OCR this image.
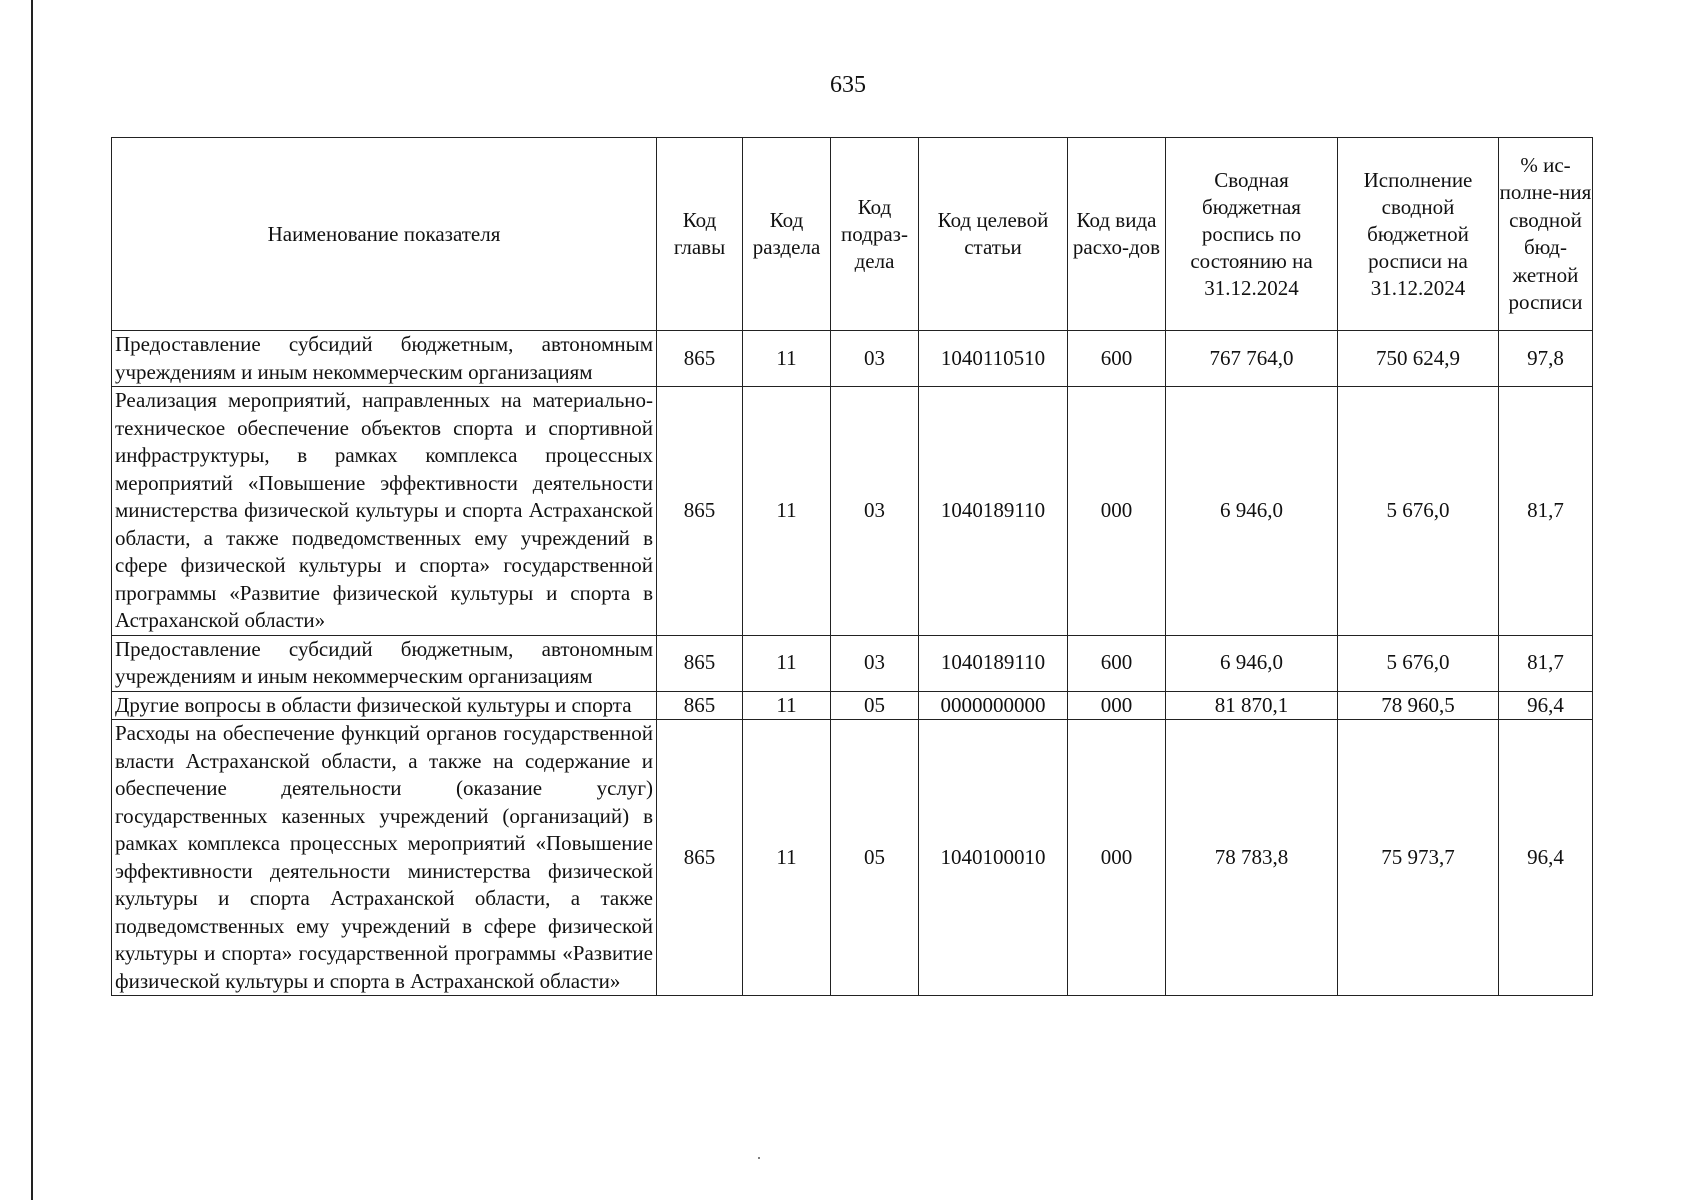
635
Наименование показателя	Код главы	Код раздела	Код подраз-дела	Код целевой статьи	Код вида расхо-дов	Сводная бюджетная роспись по состоянию на 31.12.2024	Исполнение сводной бюджетной росписи на 31.12.2024	% ис-полне-ния сводной бюд-жетной росписи
Предоставление субсидий бюджетным, автономным учреждениям и иным некоммерческим организациям	865	11	03	1040110510	600	767 764,0	750 624,9	97,8
Реализация мероприятий, направленных на материально-техническое обеспечение объектов спорта и спортивной инфраструктуры, в рамках комплекса процессных мероприятий «Повышение эффективности деятельности министерства физической культуры и спорта Астраханской области, а также подведомственных ему учреждений в сфере физической культуры и спорта» государственной программы «Развитие физической культуры и спорта в Астраханской области»	865	11	03	1040189110	000	6 946,0	5 676,0	81,7
Предоставление субсидий бюджетным, автономным учреждениям и иным некоммерческим организациям	865	11	03	1040189110	600	6 946,0	5 676,0	81,7
Другие вопросы в области физической культуры и спорта	865	11	05	0000000000	000	81 870,1	78 960,5	96,4
Расходы на обеспечение функций органов государственной власти Астраханской области, а также на содержание и обеспечение деятельности (оказание услуг) государственных казенных учреждений (организаций) в рамках комплекса процессных мероприятий «Повышение эффективности деятельности министерства физической культуры и спорта Астраханской области, а также подведомственных ему учреждений в сфере физической культуры и спорта» государственной программы «Развитие физической культуры и спорта в Астраханской области»	865	11	05	1040100010	000	78 783,8	75 973,7	96,4
